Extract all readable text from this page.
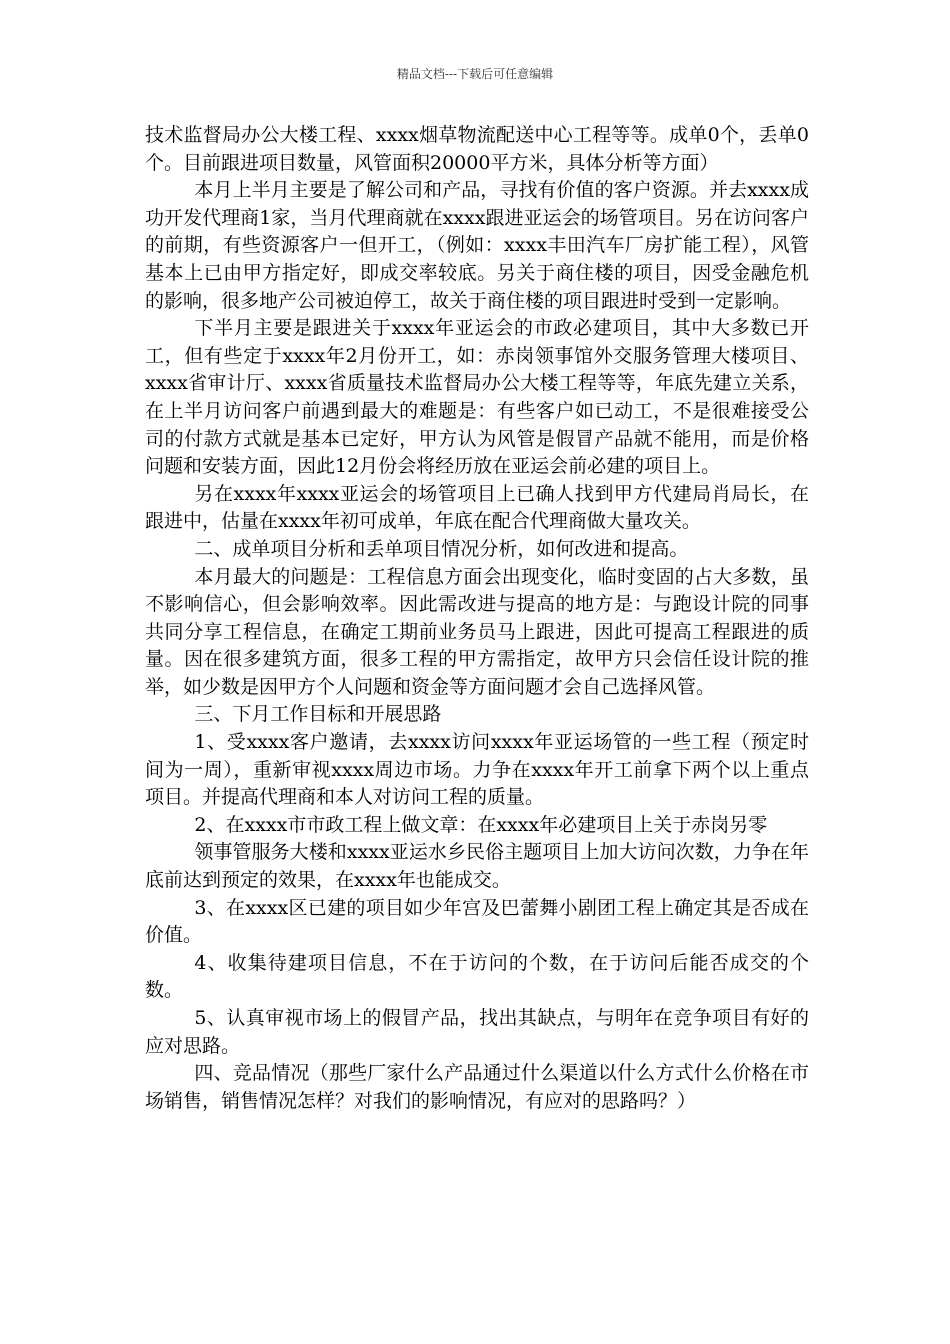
精品文档---下载后可任意编辑

技术监督局办公大楼工程、xxxx烟草物流配送中心工程等等。成单0个，丢单0个。目前跟进项目数量，风管面积20000平方米，具体分析等方面）

本月上半月主要是了解公司和产品，寻找有价值的客户资源。并去xxxx成功开发代理商1家，当月代理商就在xxxx跟进亚运会的场管项目。另在访问客户的前期，有些资源客户一但开工，（例如：xxxx丰田汽车厂房扩能工程），风管基本上已由甲方指定好，即成交率较底。另关于商住楼的项目，因受金融危机的影响，很多地产公司被迫停工，故关于商住楼的项目跟进时受到一定影响。

下半月主要是跟进关于xxxx年亚运会的市政必建项目，其中大多数已开工，但有些定于xxxx年2月份开工，如：赤岗领事馆外交服务管理大楼项目、xxxx省审计厅、xxxx省质量技术监督局办公大楼工程等等，年底先建立关系，在上半月访问客户前遇到最大的难题是：有些客户如已动工，不是很难接受公司的付款方式就是基本已定好，甲方认为风管是假冒产品就不能用，而是价格问题和安装方面，因此12月份会将经历放在亚运会前必建的项目上。

另在xxxx年xxxx亚运会的场管项目上已确人找到甲方代建局肖局长，在跟进中，估量在xxxx年初可成单，年底在配合代理商做大量攻关。

二、成单项目分析和丢单项目情况分析，如何改进和提高。

本月最大的问题是：工程信息方面会出现变化，临时变固的占大多数，虽不影响信心，但会影响效率。因此需改进与提高的地方是：与跑设计院的同事共同分享工程信息，在确定工期前业务员马上跟进，因此可提高工程跟进的质量。因在很多建筑方面，很多工程的甲方需指定，故甲方只会信任设计院的推举，如少数是因甲方个人问题和资金等方面问题才会自己选择风管。

三、下月工作目标和开展思路

1、受xxxx客户邀请，去xxxx访问xxxx年亚运场管的一些工程（预定时间为一周），重新审视xxxx周边市场。力争在xxxx年开工前拿下两个以上重点项目。并提高代理商和本人对访问工程的质量。

2、在xxxx市市政工程上做文章：在xxxx年必建项目上关于赤岗另零

领事管服务大楼和xxxx亚运水乡民俗主题项目上加大访问次数，力争在年底前达到预定的效果，在xxxx年也能成交。

3、在xxxx区已建的项目如少年宫及巴蕾舞小剧团工程上确定其是否成在价值。

4、收集待建项目信息，不在于访问的个数，在于访问后能否成交的个数。

5、认真审视市场上的假冒产品，找出其缺点，与明年在竞争项目有好的应对思路。

四、竞品情况（那些厂家什么产品通过什么渠道以什么方式什么价格在市场销售，销售情况怎样？对我们的影响情况，有应对的思路吗？）
